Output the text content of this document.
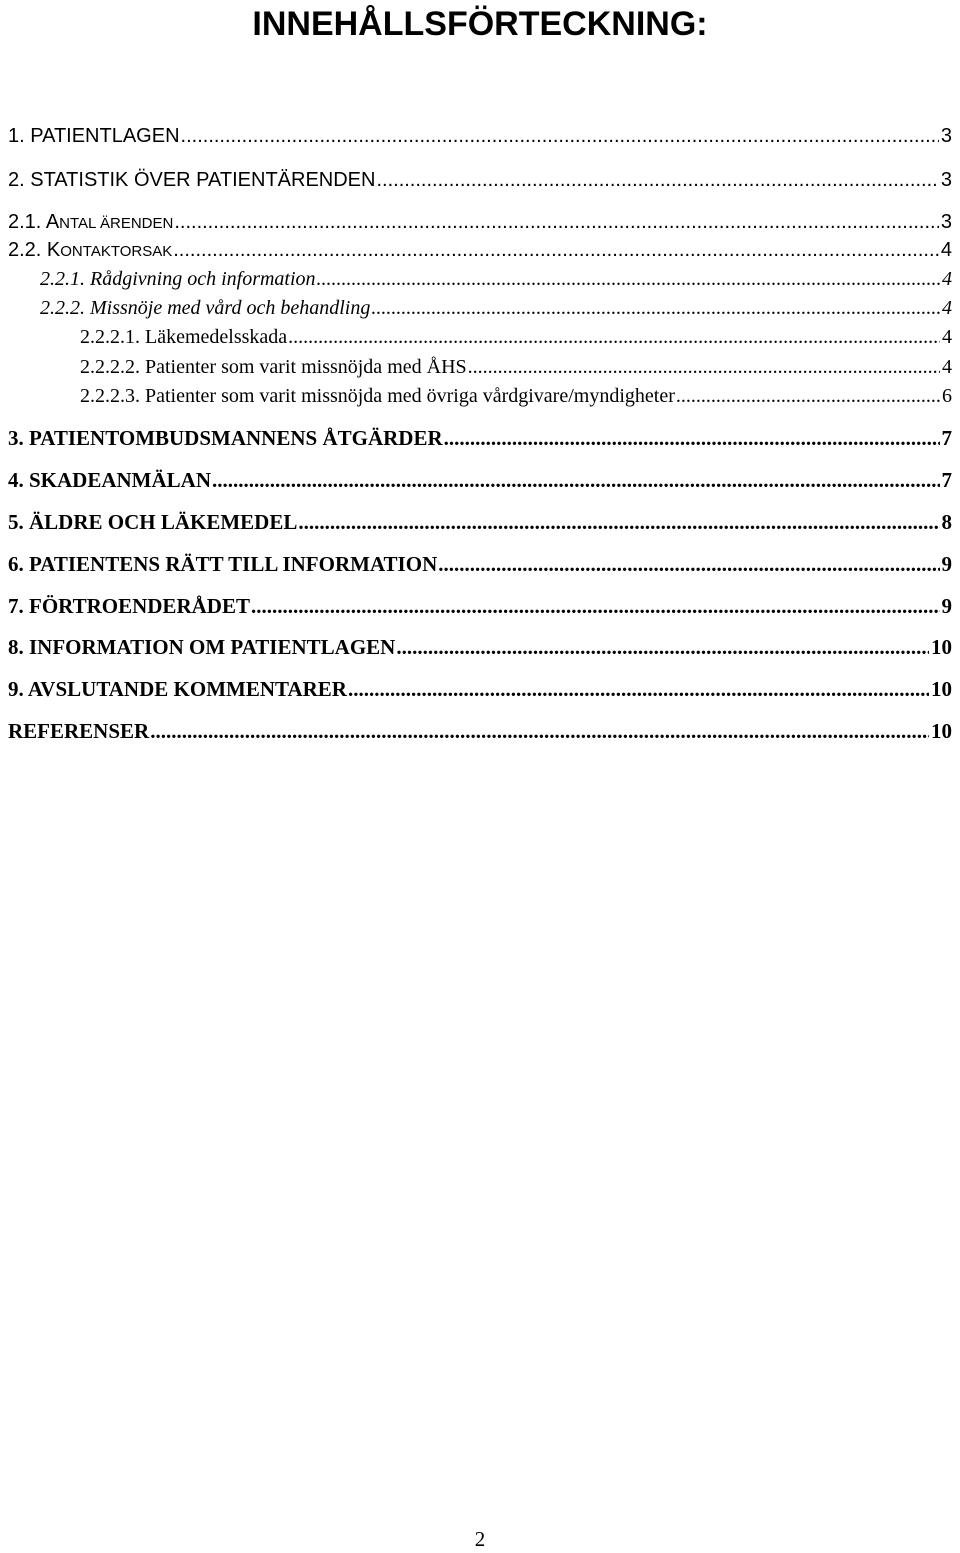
INNEHÅLLSFÖRTECKNING:
1. PATIENTLAGEN .....	3
2. STATISTIK ÖVER PATIENTÄRENDEN .....	3
2.1. ANTAL ÄRENDEN .....	3
2.2. KONTAKTORSAK .....	4
2.2.1. Rådgivning och information .....	4
2.2.2. Missnöje med vård och behandling .....	4
2.2.2.1. Läkemedelsskada .....	4
2.2.2.2. Patienter som varit missnöjda med ÅHS .....	4
2.2.2.3. Patienter som varit missnöjda med övriga vårdgivare/myndigheter .....	6
3. PATIENTOMBUDSMANNENS ÅTGÄRDER .....	7
4. SKADEANMÄLAN .....	7
5. ÄLDRE OCH LÄKEMEDEL .....	8
6. PATIENTENS RÄTT TILL INFORMATION .....	9
7. FÖRTROENDERÅDET .....	9
8. INFORMATION OM PATIENTLAGEN .....	10
9. AVSLUTANDE KOMMENTARER .....	10
REFERENSER .....	10
2
